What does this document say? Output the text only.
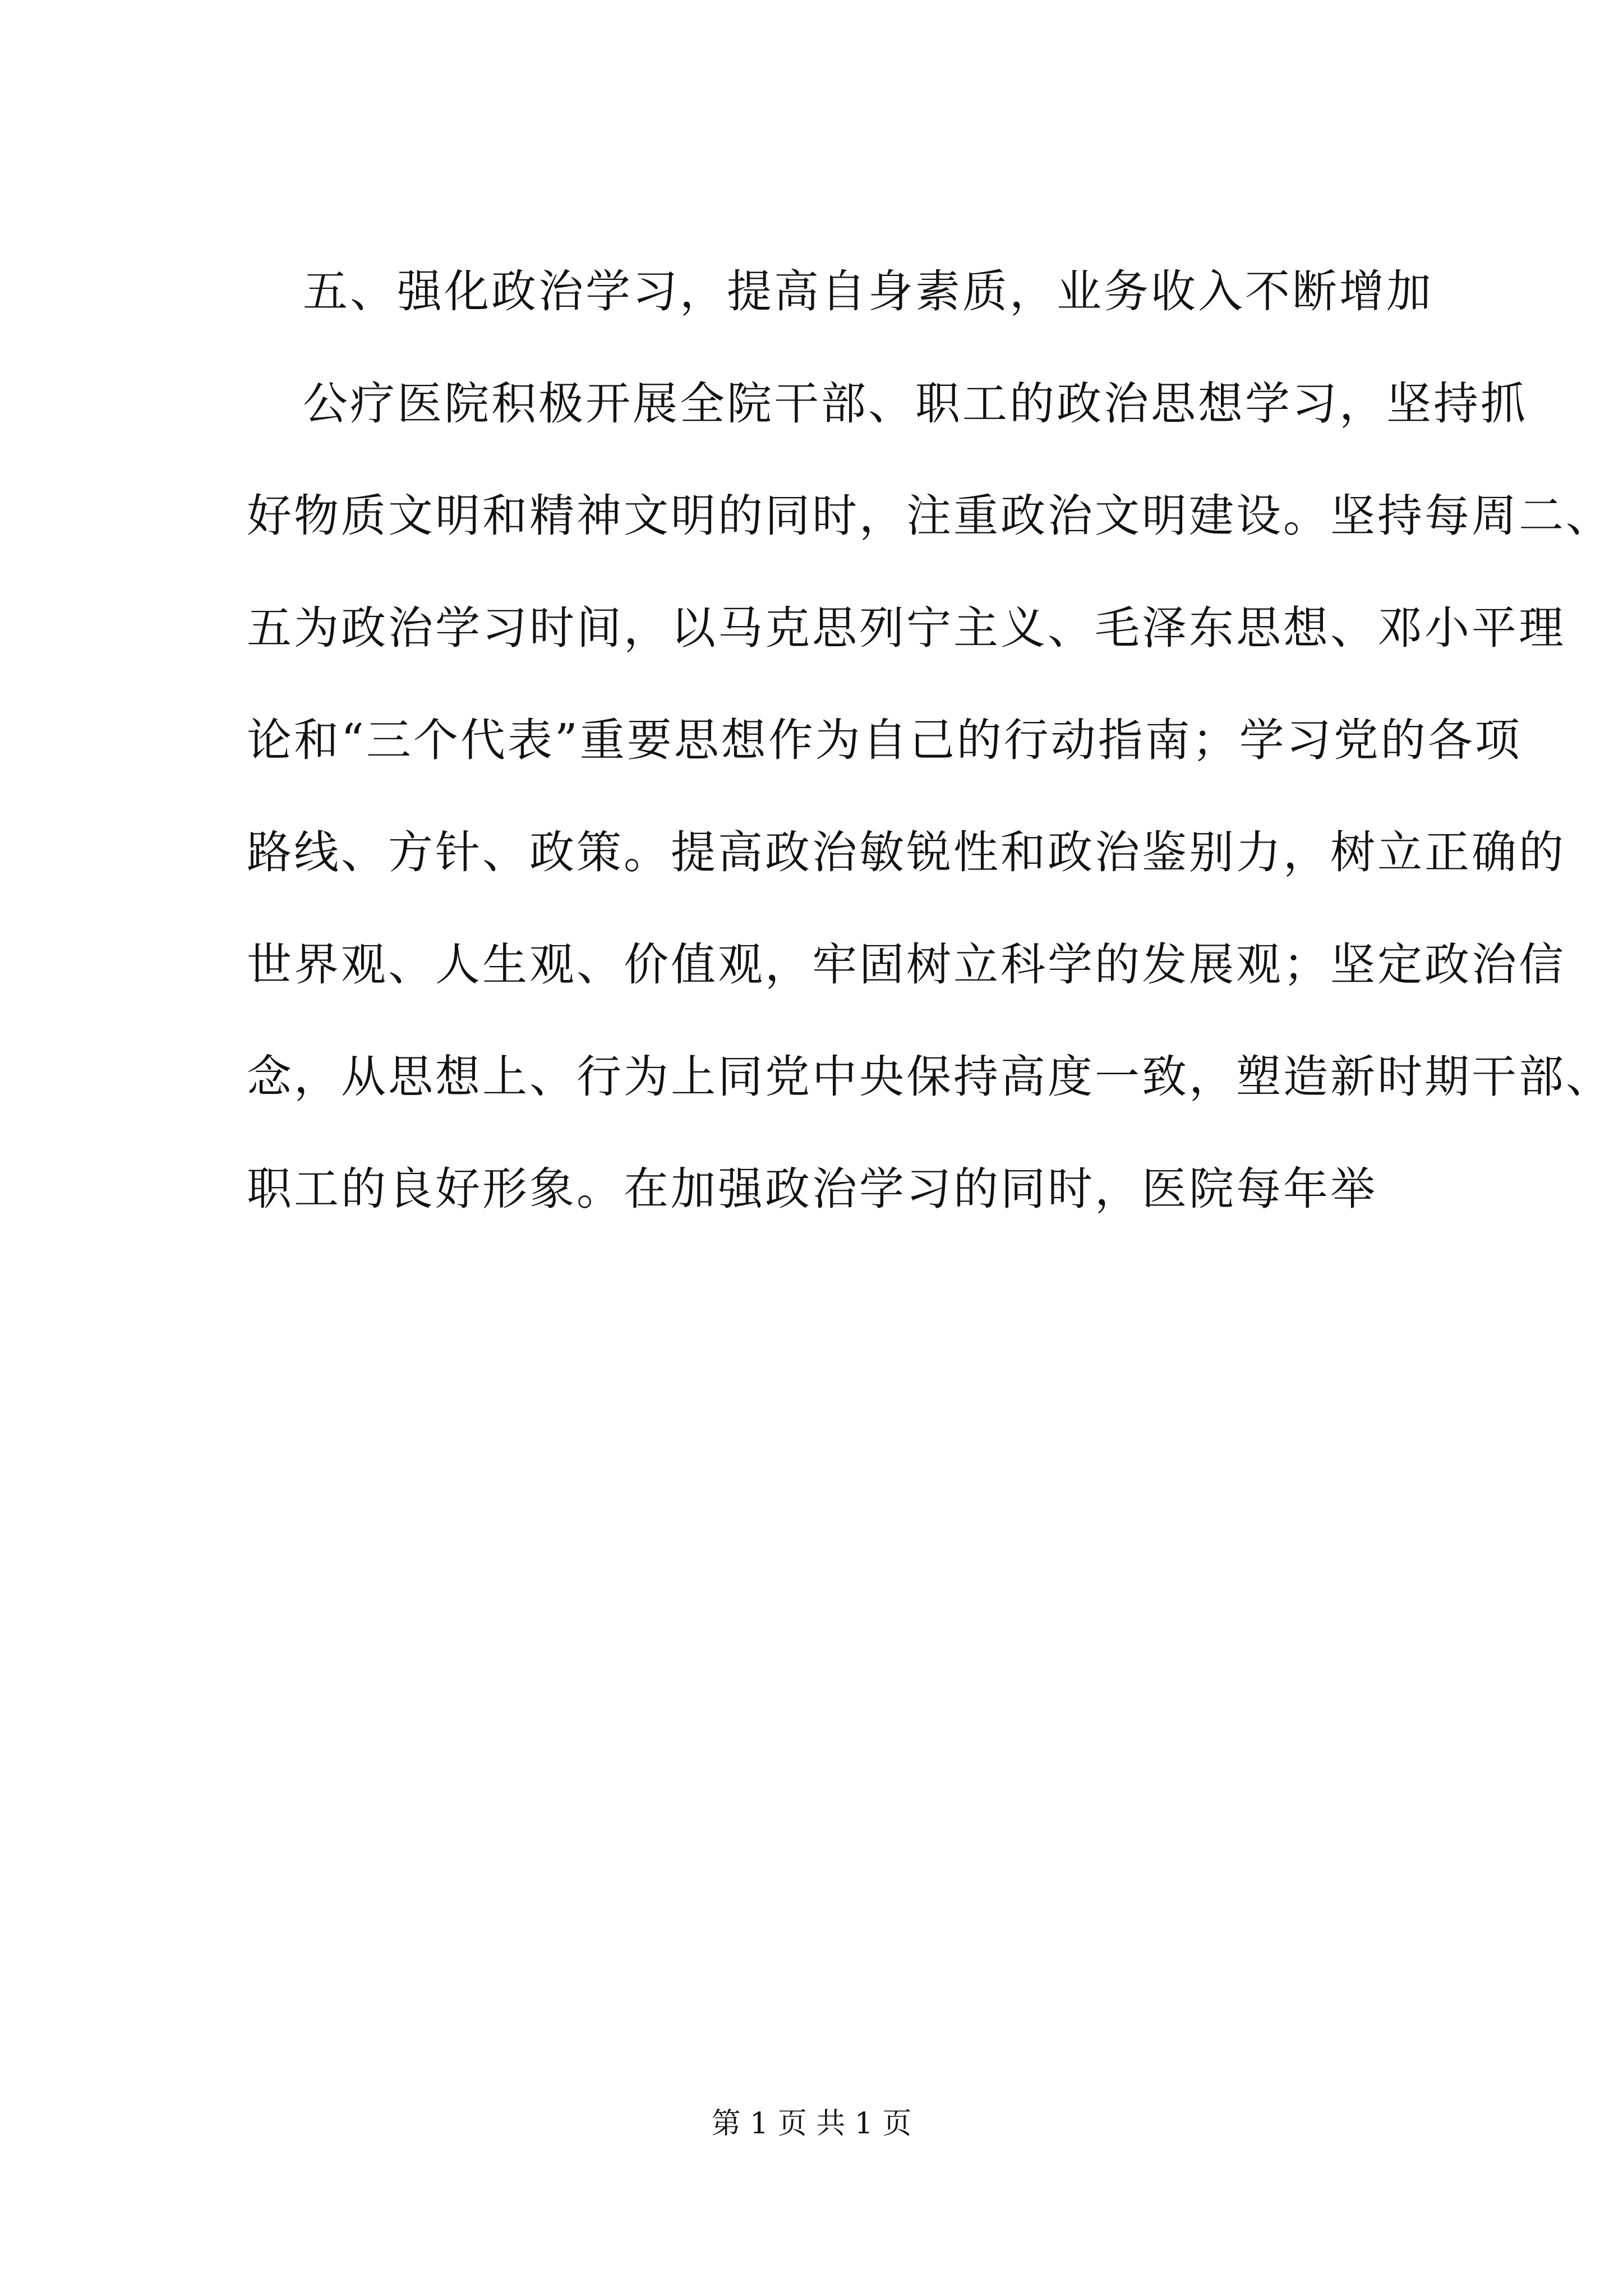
五、强化政治学习，提高自身素质，业务收入不断增加
公疗医院积极开展全院干部、职工的政治思想学习，坚持抓
好物质文明和精神文明的同时，注重政治文明建设。坚持每周二、
五为政治学习时间，以马克思列宁主义、毛泽东思想、邓小平理
论和“三个代表”重要思想作为自己的行动指南；学习党的各项
路线、方针、政策。提高政治敏锐性和政治鉴别力，树立正确的
世界观、人生观、价值观，牢固树立科学的发展观；坚定政治信
念，从思想上、行为上同党中央保持高度一致，塑造新时期干部、
职工的良好形象。在加强政治学习的同时，医院每年举
第 1 页 共 1 页
